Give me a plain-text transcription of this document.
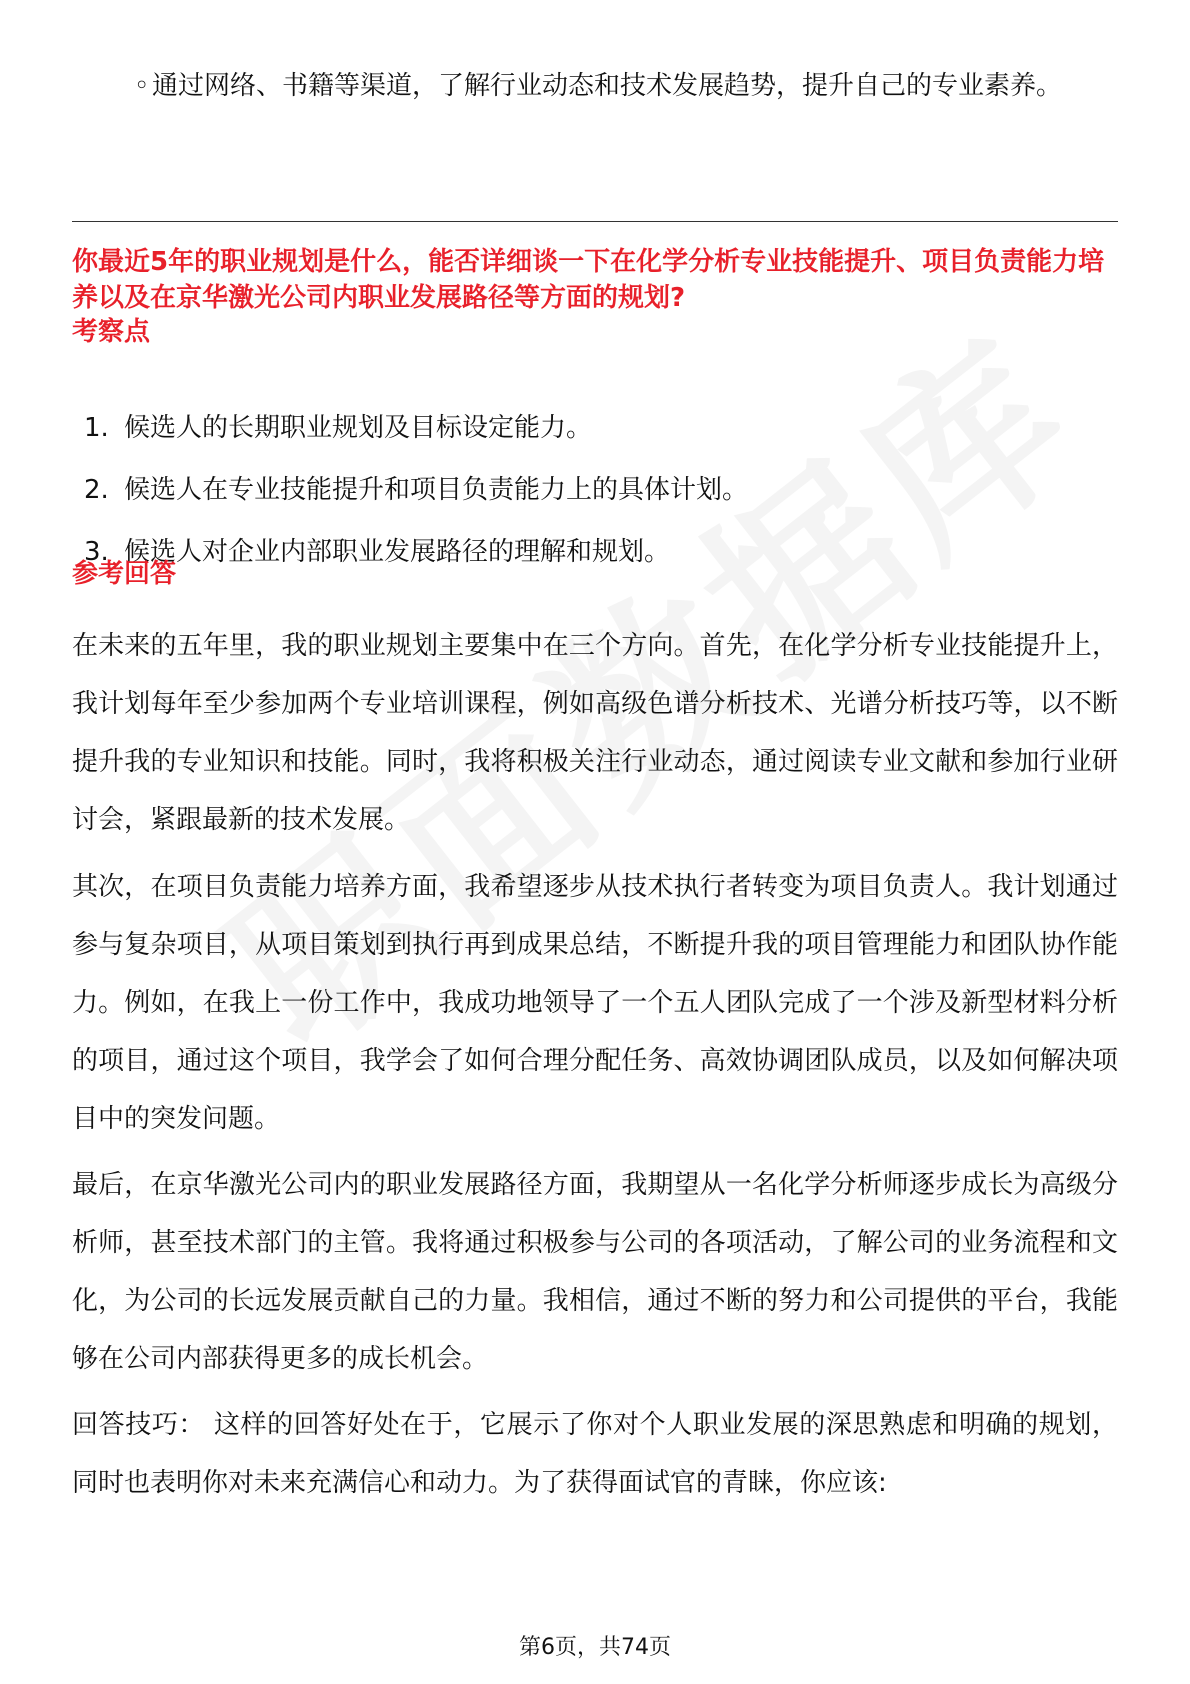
◦ 通过网络、书籍等渠道，了解行业动态和技术发展趋势，提升自己的专业素养。
你最近5年的职业规划是什么，能否详细谈一下在化学分析专业技能提升、项目负责能力培养以及在京华激光公司内职业发展路径等方面的规划?
考察点
1. 候选人的长期职业规划及目标设定能力。
2. 候选人在专业技能提升和项目负责能力上的具体计划。
3. 候选人对企业内部职业发展路径的理解和规划。
参考回答
在未来的五年里，我的职业规划主要集中在三个方向。首先，在化学分析专业技能提升上，我计划每年至少参加两个专业培训课程，例如高级色谱分析技术、光谱分析技巧等，以不断提升我的专业知识和技能。同时，我将积极关注行业动态，通过阅读专业文献和参加行业研讨会，紧跟最新的技术发展。
其次，在项目负责能力培养方面，我希望逐步从技术执行者转变为项目负责人。我计划通过参与复杂项目，从项目策划到执行再到成果总结，不断提升我的项目管理能力和团队协作能力。例如，在我上一份工作中，我成功地领导了一个五人团队完成了一个涉及新型材料分析的项目，通过这个项目，我学会了如何合理分配任务、高效协调团队成员，以及如何解决项目中的突发问题。
最后，在京华激光公司内的职业发展路径方面，我期望从一名化学分析师逐步成长为高级分析师，甚至技术部门的主管。我将通过积极参与公司的各项活动，了解公司的业务流程和文化，为公司的长远发展贡献自己的力量。我相信，通过不断的努力和公司提供的平台，我能够在公司内部获得更多的成长机会。
回答技巧： 这样的回答好处在于，它展示了你对个人职业发展的深思熟虑和明确的规划，同时也表明你对未来充满信心和动力。为了获得面试官的青睐，你应该:
第6页，共74页
